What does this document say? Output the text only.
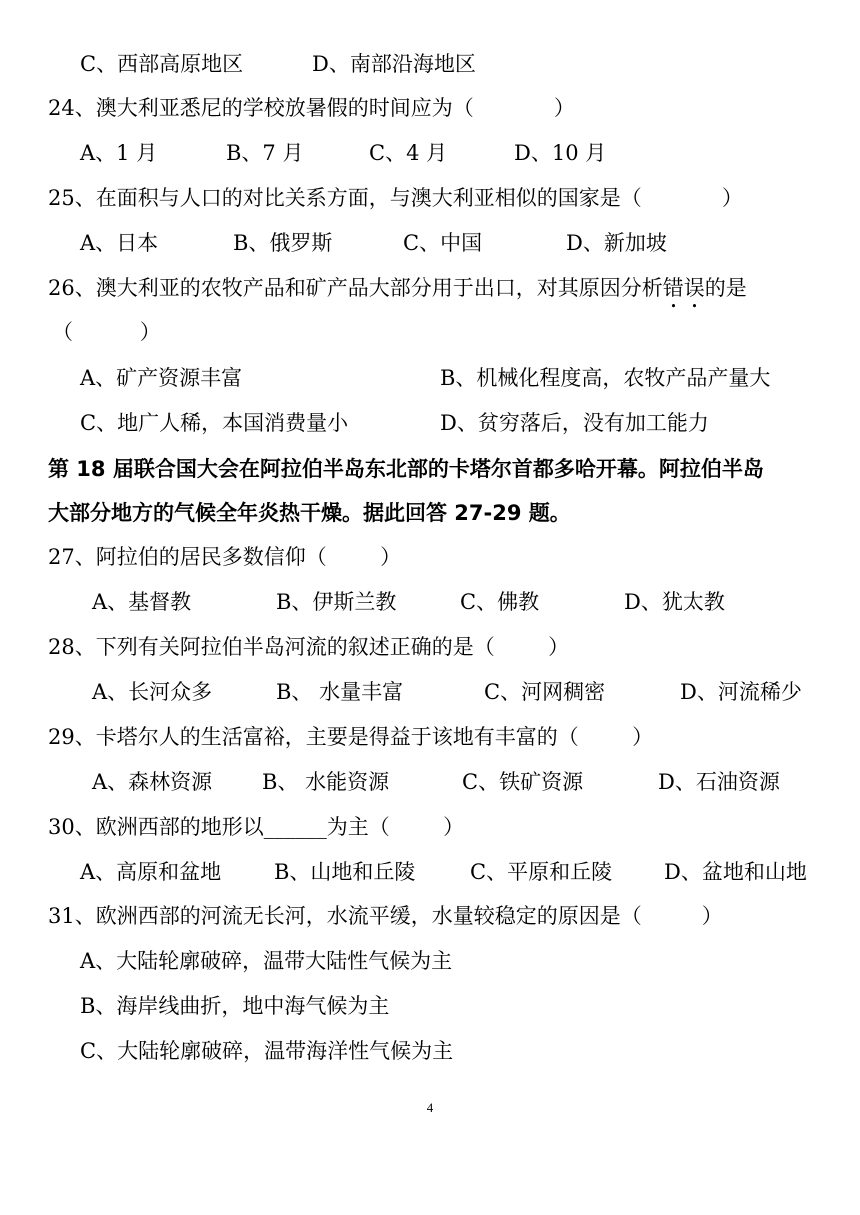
C、西部高原地区	D、南部沿海地区
24、澳大利亚悉尼的学校放暑假的时间应为（            ）
A、1 月	B、7 月	C、4 月	D、10 月
25、在面积与人口的对比关系方面，与澳大利亚相似的国家是（            ）
A、日本	B、俄罗斯	C、中国	D、新加坡
26、澳大利亚的农牧产品和矿产品大部分用于出口，对其原因分析错误的是
（          ）
A、矿产资源丰富	B、机械化程度高，农牧产品产量大
C、地广人稀，本国消费量小	D、贫穷落后，没有加工能力
第 18 届联合国大会在阿拉伯半岛东北部的卡塔尔首都多哈开幕。阿拉伯半岛
大部分地方的气候全年炎热干燥。据此回答 27-29 题。
27、阿拉伯的居民多数信仰（        ）
A、基督教	B、伊斯兰教	C、佛教	D、犹太教
28、下列有关阿拉伯半岛河流的叙述正确的是（        ）
A、长河众多	B、 水量丰富	C、河网稠密	D、河流稀少
29、卡塔尔人的生活富裕，主要是得益于该地有丰富的（        ）
A、森林资源 B、 水能资源	C、铁矿资源	D、石油资源
30、欧洲西部的地形以______为主（        ）
A、高原和盆地	B、山地和丘陵	C、平原和丘陵 D、盆地和山地
31、欧洲西部的河流无长河，水流平缓，水量较稳定的原因是（         ）
A、大陆轮廓破碎，温带大陆性气候为主
B、海岸线曲折，地中海气候为主
C、大陆轮廓破碎，温带海洋性气候为主
4
